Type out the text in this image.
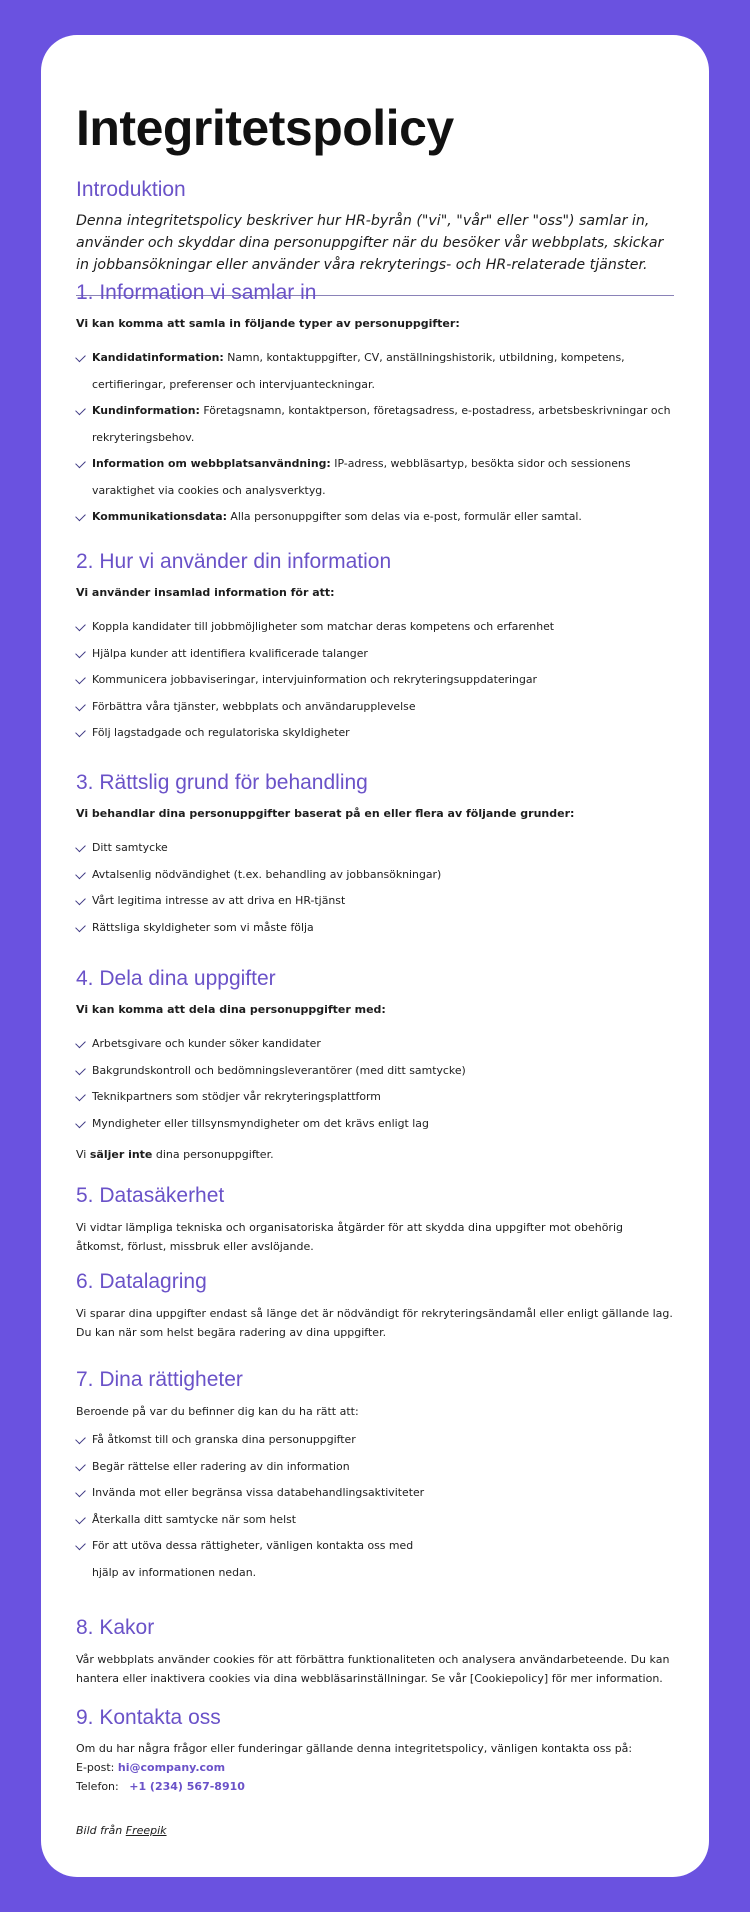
Integritetspolicy
Introduktion

Denna integritetspolicy beskriver hur HR-byrån ("vi", "vår" eller "oss") samlar in, använder och skyddar dina personuppgifter när du besöker vår webbplats, skickar in jobbansökningar eller använder våra rekryterings- och HR-relaterade tjänster.

1. Information vi samlar in

Vi kan komma att samla in följande typer av personuppgifter:

Kandidatinformation: Namn, kontaktuppgifter, CV, anställningshistorik, utbildning, kompetens, certifieringar, preferenser och intervjuanteckningar.
Kundinformation: Företagsnamn, kontaktperson, företagsadress, e-postadress, arbetsbeskrivningar och rekryteringsbehov.
Information om webbplatsanvändning: IP-adress, webbläsartyp, besökta sidor och sessionens varaktighet via cookies och analysverktyg.
Kommunikationsdata: Alla personuppgifter som delas via e-post, formulär eller samtal.
2. Hur vi använder din information

Vi använder insamlad information för att:

Koppla kandidater till jobbmöjligheter som matchar deras kompetens och erfarenhet
Hjälpa kunder att identifiera kvalificerade talanger
Kommunicera jobbaviseringar, intervjuinformation och rekryteringsuppdateringar
Förbättra våra tjänster, webbplats och användarupplevelse
Följ lagstadgade och regulatoriska skyldigheter
3. Rättslig grund för behandling

Vi behandlar dina personuppgifter baserat på en eller flera av följande grunder:

Ditt samtycke
Avtalsenlig nödvändighet (t.ex. behandling av jobbansökningar)
Vårt legitima intresse av att driva en HR-tjänst
Rättsliga skyldigheter som vi måste följa
4. Dela dina uppgifter

Vi kan komma att dela dina personuppgifter med:

Arbetsgivare och kunder söker kandidater
Bakgrundskontroll och bedömningsleverantörer (med ditt samtycke)
Teknikpartners som stödjer vår rekryteringsplattform
Myndigheter eller tillsynsmyndigheter om det krävs enligt lag

Vi säljer inte dina personuppgifter.

5. Datasäkerhet

Vi vidtar lämpliga tekniska och organisatoriska åtgärder för att skydda dina uppgifter mot obehörig åtkomst, förlust, missbruk eller avslöjande.

6. Datalagring

Vi sparar dina uppgifter endast så länge det är nödvändigt för rekryteringsändamål eller enligt gällande lag. Du kan när som helst begära radering av dina uppgifter.

7. Dina rättigheter

Beroende på var du befinner dig kan du ha rätt att:

Få åtkomst till och granska dina personuppgifter
Begär rättelse eller radering av din information
Invända mot eller begränsa vissa databehandlingsaktiviteter
Återkalla ditt samtycke när som helst
För att utöva dessa rättigheter, vänligen kontakta oss med hjälp av informationen nedan.
8. Kakor

Vår webbplats använder cookies för att förbättra funktionaliteten och analysera användarbeteende. Du kan hantera eller inaktivera cookies via dina webbläsarinställningar. Se vår [Cookiepolicy] för mer information.

9. Kontakta oss

Om du har några frågor eller funderingar gällande denna integritetspolicy, vänligen kontakta oss på:

E-post: hi@company.com
Telefon: +1 (234) 567-8910

Bild från Freepik
